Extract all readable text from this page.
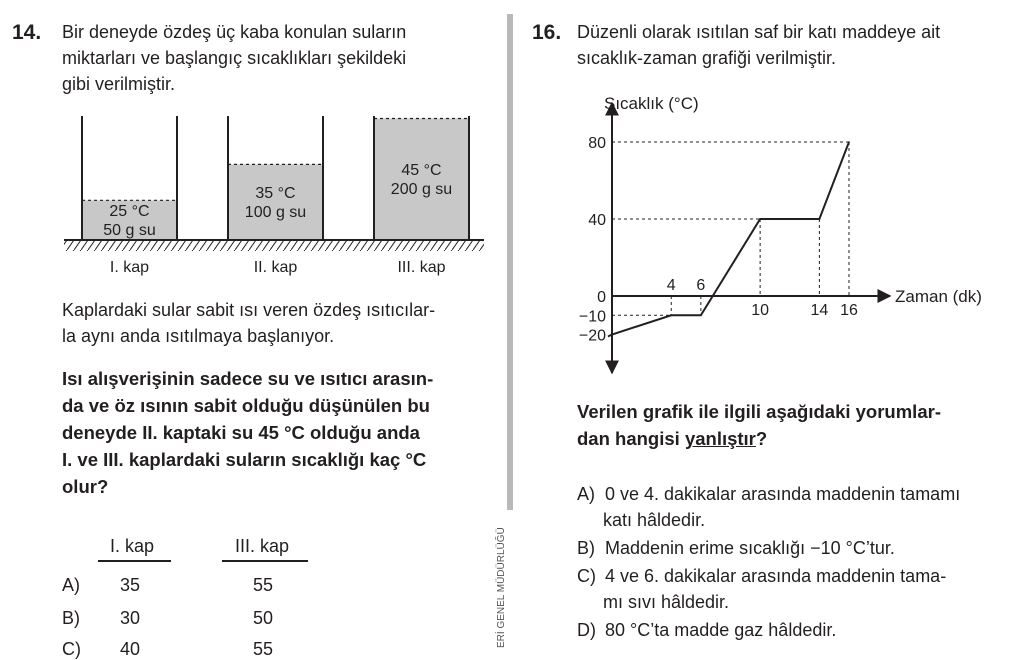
14. Bir deneyde özdeş üç kaba konulan suların
miktarları ve başlangıç sıcaklıkları şekildeki
gibi verilmiştir.
25 °C
50 g su
I. kap
35 °C
100 g su
II. kap
45 °C
200 g su
III. kap
Kaplardaki sular sabit ısı veren özdeş ısıtıcılar-
la aynı anda ısıtılmaya başlanıyor.
Isı alışverişinin sadece su ve ısıtıcı arasın-
da ve öz ısının sabit olduğu düşünülen bu
deneyde II. kaptaki su 45 °C olduğu anda
I. ve III. kaplardaki suların sıcaklığı kaç °C
olur?
I. kap	III. kap
A) 35	55
B) 30	50
C) 40	55
ERİ GENEL MÜDÜRLÜĞÜ
16. Düzenli olarak ısıtılan saf bir katı maddeye ait
sıcaklık-zaman grafiği verilmiştir.
Sıcaklık (°C)
Zaman (dk)
80
40
0
−10
−20
4 6
10	14 16
Verilen grafik ile ilgili aşağıdaki yorumlar-
dan hangisi yanlıştır?
A) 0 ve 4. dakikalar arasında maddenin tamamı
katı hâldedir.
B) Maddenin erime sıcaklığı −10 °C’tur.
C) 4 ve 6. dakikalar arasında maddenin tama-
mı sıvı hâldedir.
D) 80 °C’ta madde gaz hâldedir.
